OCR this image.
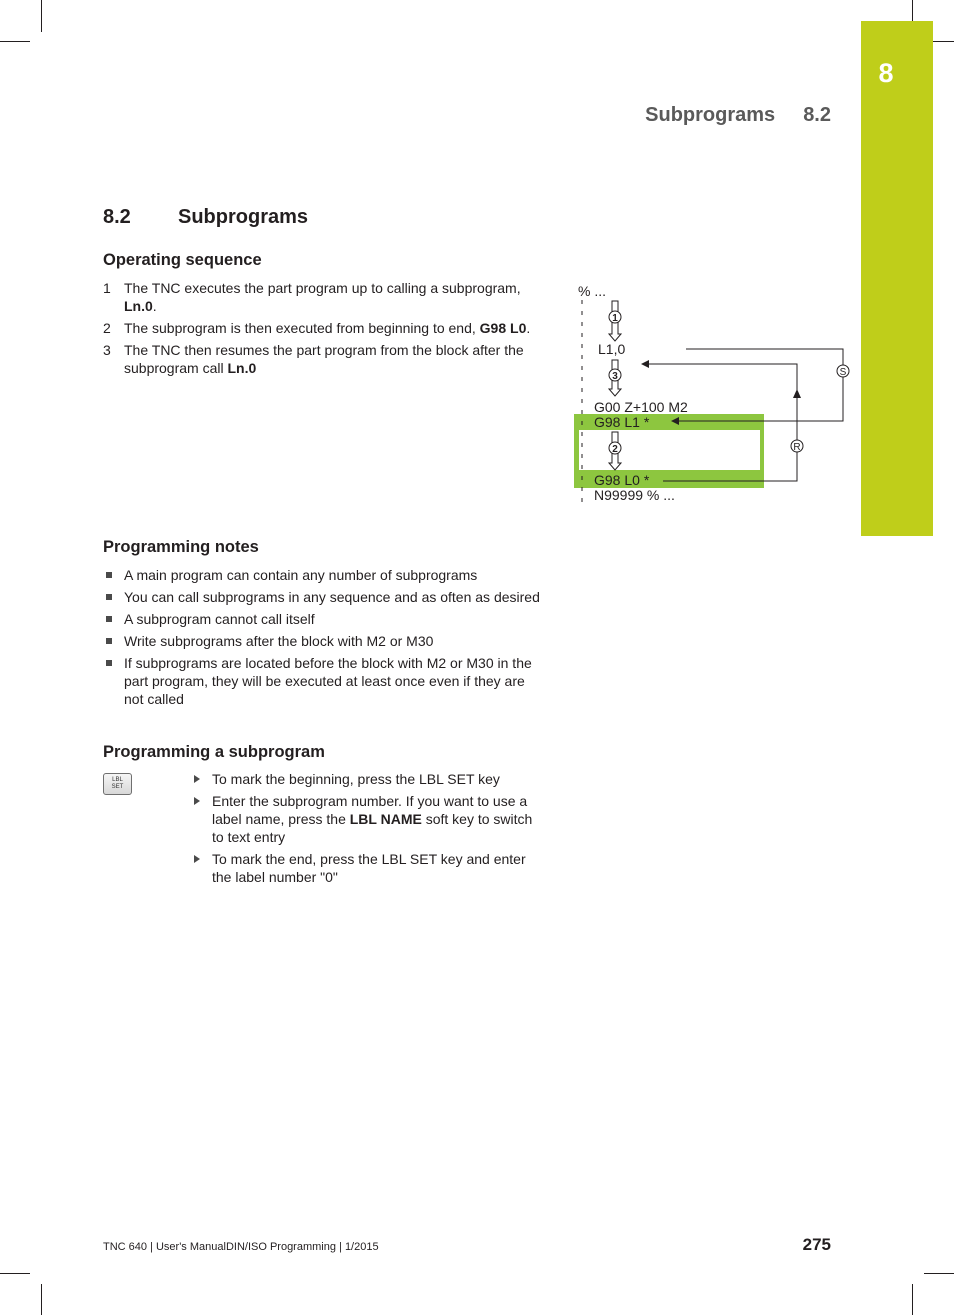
8
Subprograms 8.2
8.2 Subprograms
Operating sequence
1 The TNC executes the part program up to calling a subprogram, Ln.0.
2 The subprogram is then executed from beginning to end, G98 L0.
3 The TNC then resumes the part program from the block after the subprogram call Ln.0
% ...
L1,0
G00 Z+100 M2
G98 L1 *
G98 L0 *
N99999 % ...
1
3
2
S
R
Programming notes
A main program can contain any number of subprograms
You can call subprograms in any sequence and as often as desired
A subprogram cannot call itself
Write subprograms after the block with M2 or M30
If subprograms are located before the block with M2 or M30 in the part program, they will be executed at least once even if they are not called
Programming a subprogram
LBL
SET	To mark the beginning, press the LBL SET key
Enter the subprogram number. If you want to use a label name, press the LBL NAME soft key to switch to text entry
To mark the end, press the LBL SET key and enter the label number "0"
TNC 640 | User's ManualDIN/ISO Programming | 1/2015	275
